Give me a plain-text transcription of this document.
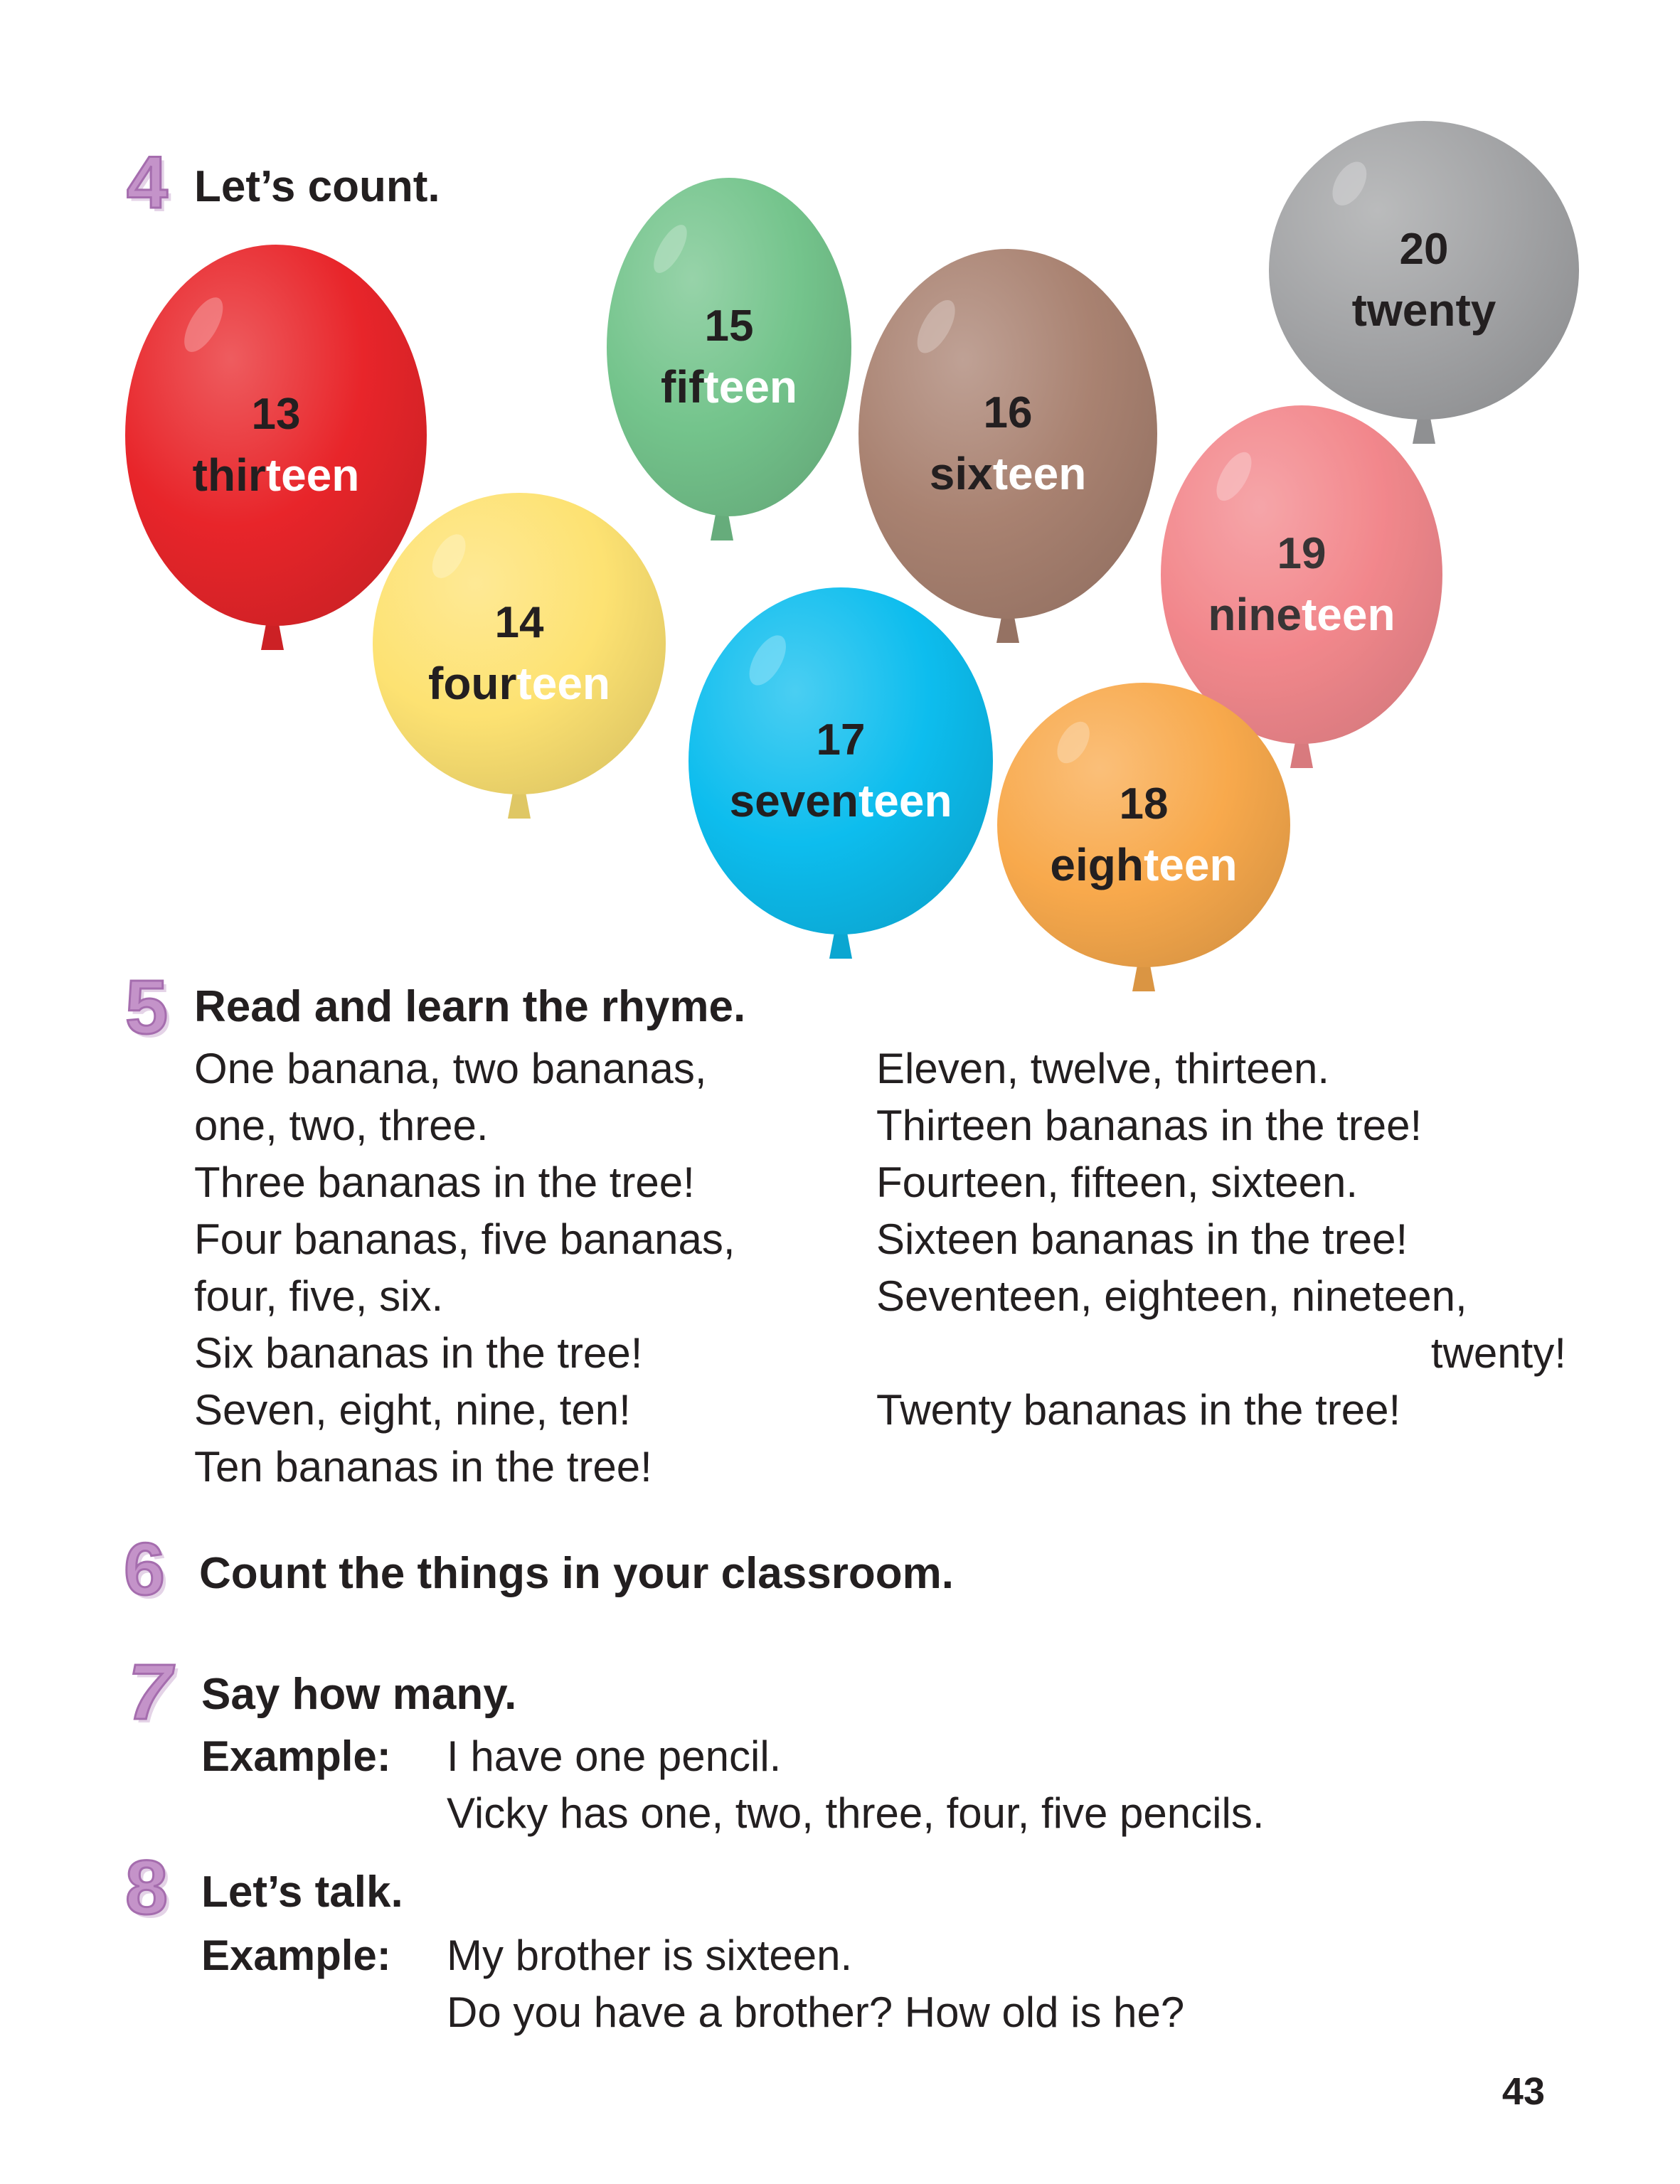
4 Let’s count.
15
fifteen
13
thirteen
14
fourteen
16
sixteen
17
seventeen
19
nineteen
18
eighteen
20
twenty
5 Read and learn the rhyme.
One banana, two bananas,
one, two, three.
Three bananas in the tree!
Four bananas, five bananas,
four, five, six.
Six bananas in the tree!
Seven, eight, nine, ten!
Ten bananas in the tree!
Eleven, twelve, thirteen.
Thirteen bananas in the tree!
Fourteen, fifteen, sixteen.
Sixteen bananas in the tree!
Seventeen, eighteen, nineteen,
twenty!
Twenty bananas in the tree!
6 Count the things in your classroom.
7 Say how many.
Example: I have one pencil.
Vicky has one, two, three, four, five pencils.
8 Let’s talk.
Example: My brother is sixteen.
Do you have a brother? How old is he?
43
